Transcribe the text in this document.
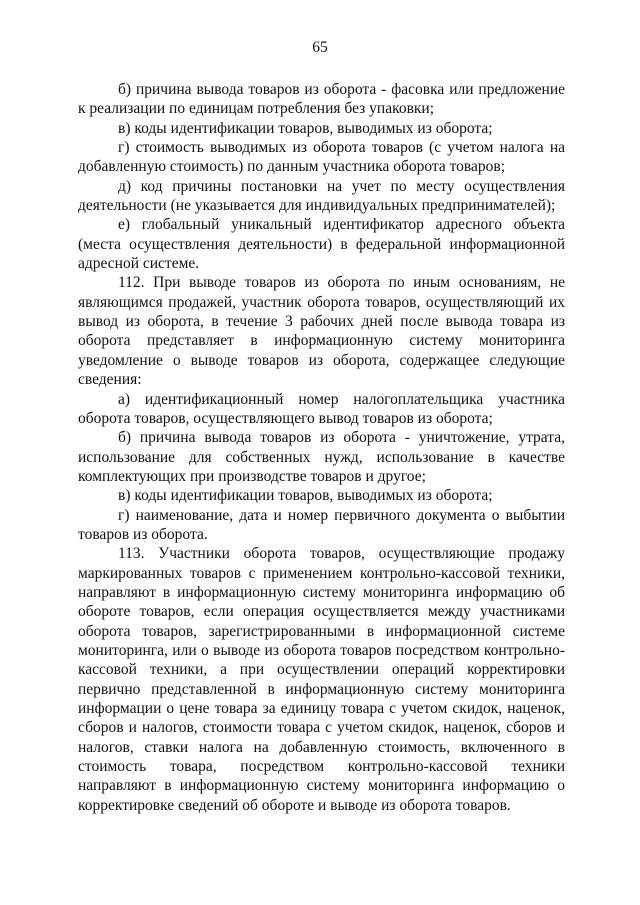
65

б) причина вывода товаров из оборота - фасовка или предложение к реализации по единицам потребления без упаковки;

в) коды идентификации товаров, выводимых из оборота;

г) стоимость выводимых из оборота товаров (с учетом налога на добавленную стоимость) по данным участника оборота товаров;

д) код причины постановки на учет по месту осуществления деятельности (не указывается для индивидуальных предпринимателей);

е) глобальный уникальный идентификатор адресного объекта (места осуществления деятельности) в федеральной информационной адресной системе.

112. При выводе товаров из оборота по иным основаниям, не являющимся продажей, участник оборота товаров, осуществляющий их вывод из оборота, в течение 3 рабочих дней после вывода товара из оборота представляет в информационную систему мониторинга уведомление о выводе товаров из оборота, содержащее следующие сведения:

а) идентификационный номер налогоплательщика участника оборота товаров, осуществляющего вывод товаров из оборота;

б) причина вывода товаров из оборота - уничтожение, утрата, использование для собственных нужд, использование в качестве комплектующих при производстве товаров и другое;

в) коды идентификации товаров, выводимых из оборота;

г) наименование, дата и номер первичного документа о выбытии товаров из оборота.

113. Участники оборота товаров, осуществляющие продажу маркированных товаров с применением контрольно-кассовой техники, направляют в информационную систему мониторинга информацию об обороте товаров, если операция осуществляется между участниками оборота товаров, зарегистрированными в информационной системе мониторинга, или о выводе из оборота товаров посредством контрольно-кассовой техники, а при осуществлении операций корректировки первично представленной в информационную систему мониторинга информации о цене товара за единицу товара с учетом скидок, наценок, сборов и налогов, стоимости товара с учетом скидок, наценок, сборов и налогов, ставки налога на добавленную стоимость, включенного в стоимость товара, посредством контрольно-кассовой техники направляют в информационную систему мониторинга информацию о корректировке сведений об обороте и выводе из оборота товаров.
